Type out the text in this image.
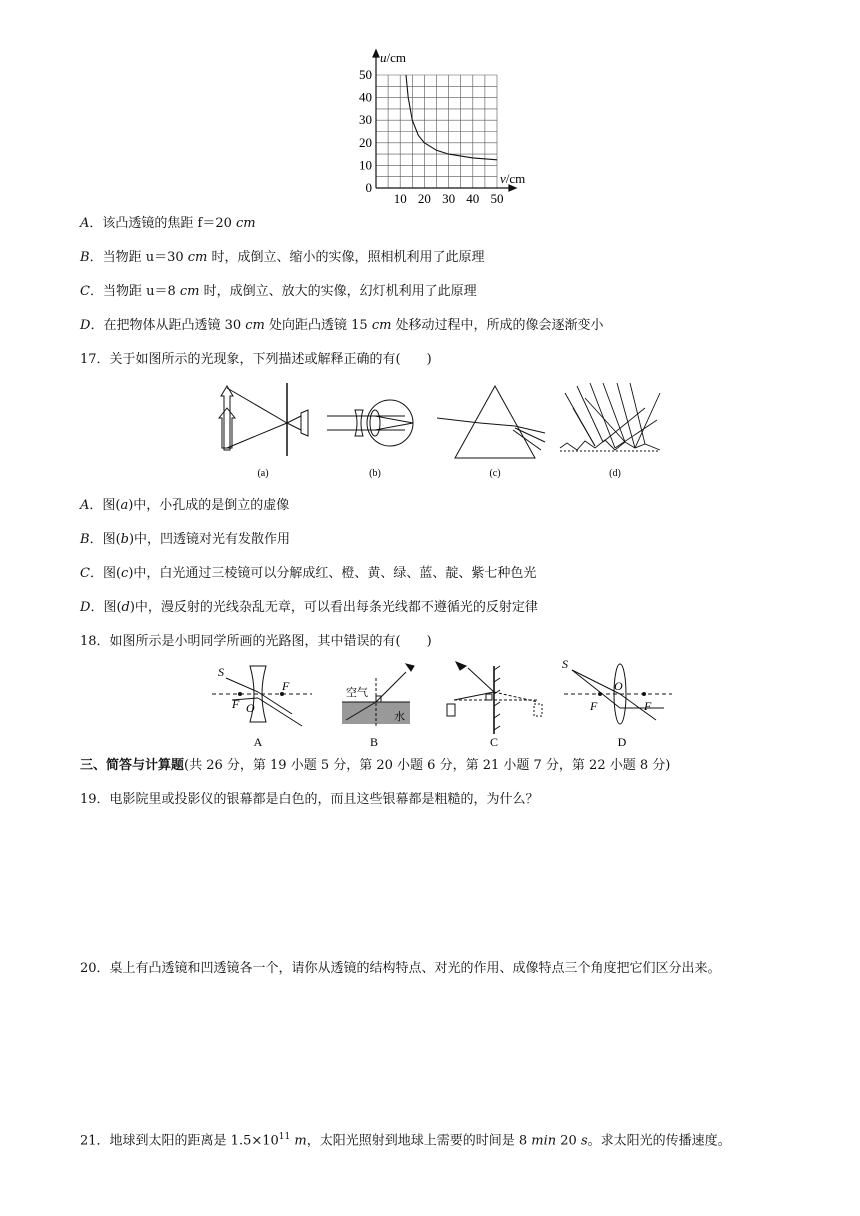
u/cm
v/cm
50
40
30
20
10
0
10 20 30 40 50
A．该凸透镜的焦距 f＝20 cm
B．当物距 u＝30 cm 时，成倒立、缩小的实像，照相机利用了此原理
C．当物距 u＝8 cm 时，成倒立、放大的实像，幻灯机利用了此原理
D．在把物体从距凸透镜 30 cm 处向距凸透镜 15 cm 处移动过程中，所成的像会逐渐变小
17．关于如图所示的光现象，下列描述或解释正确的有(　　)
(a)	(b)	(c)	(d)
A．图(a)中，小孔成的是倒立的虚像
B．图(b)中，凹透镜对光有发散作用
C．图(c)中，白光通过三棱镜可以分解成红、橙、黄、绿、蓝、靛、紫七种色光
D．图(d)中，漫反射的光线杂乱无章，可以看出每条光线都不遵循光的反射定律
18．如图所示是小明同学所画的光路图，其中错误的有(　　)
S
F O
F
A
空气
水
B	C
S
O
F	F
D
三、简答与计算题(共 26 分，第 19 小题 5 分，第 20 小题 6 分，第 21 小题 7 分，第 22 小题 8 分)
19．电影院里或投影仪的银幕都是白色的，而且这些银幕都是粗糙的，为什么？
20．桌上有凸透镜和凹透镜各一个，请你从透镜的结构特点、对光的作用、成像特点三个角度把它们区分出来。
21．地球到太阳的距离是 $1.5\times 10^{11}$ m，太阳光照射到地球上需要的时间是 8 min 20 s。求太阳光的传播速度。
